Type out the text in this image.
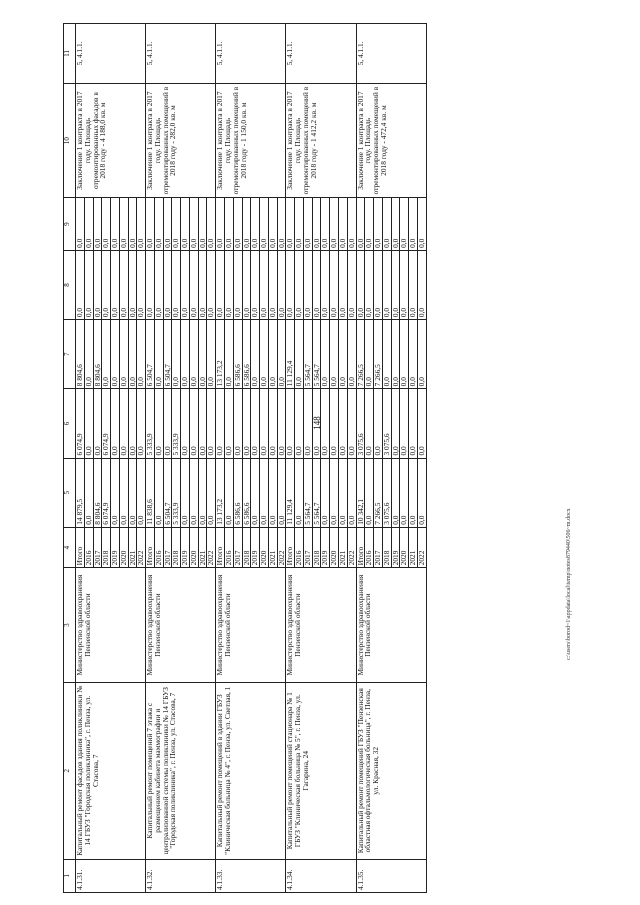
148
1	2	3	4	5	6	7	8	9	10	11
4.1.31.	Капитальный ремонт фасадов здания поликлиники № 14 ГБУЗ "Городская поликлиника", г. Пенза, ул. Стасова, 7	Министерство здравоохранения Пензенской области	Итого	14 879,5	6 074,9	8 804,6	0,0	0,0	Заключение 1 контракта в 2017 году. Площадь отремонтированных фасадов в 2018 году - 4 188,0 кв. м	5, 4.1.1.
			2016	0,0	0,0	0,0	0,0	0,0		
			2017	8 804,6	0,0	8 804,6	0,0	0,0		
			2018	6 074,9	6 074,9	0,0	0,0	0,0		
			2019	0,0	0,0	0,0	0,0	0,0		
			2020	0,0	0,0	0,0	0,0	0,0		
			2021	0,0	0,0	0,0	0,0	0,0		
			2022	0,0	0,0	0,0	0,0	0,0		
4.1.32.	Капитальный ремонт помещений 7 этажа с размещением кабинета маммографии и централизованной системы поликлиники № 14 ГБУЗ "Городская поликлиника", г. Пенза, ул. Стасова, 7	Министерство здравоохранения Пензенской области	Итого	11 838,6	5 333,9	6 504,7	0,0	0,0	Заключение 1 контракта в 2017 году. Площадь отремонтированных помещений в 2018 году - 282,0 кв. м	5, 4.1.1.
			2016	0,0	0,0	0,0	0,0	0,0		
			2017	6 504,7	0,0	6 504,7	0,0	0,0		
			2018	5 333,9	5 333,9	0,0	0,0	0,0		
			2019	0,0	0,0	0,0	0,0	0,0		
			2020	0,0	0,0	0,0	0,0	0,0		
			2021	0,0	0,0	0,0	0,0	0,0		
			2022	0,0	0,0	0,0	0,0	0,0		
4.1.33.	Капитальный ремонт помещений в здании ГБУЗ "Клиническая больница № 4", г. Пенза, ул. Светлая, 1	Министерство здравоохранения Пензенской области	Итого	13 173,2	0,0	13 173,2	0,0	0,0	Заключение 1 контракта в 2017 году. Площадь отремонтированных помещений в 2018 году - 1 150,0 кв. м	5, 4.1.1.
			2016	0,0	0,0	0,0	0,0	0,0		
			2017	6 586,6	0,0	6 586,6	0,0	0,0		
			2018	6 586,6	0,0	6 586,6	0,0	0,0		
			2019	0,0	0,0	0,0	0,0	0,0		
			2020	0,0	0,0	0,0	0,0	0,0		
			2021	0,0	0,0	0,0	0,0	0,0		
			2022	0,0	0,0	0,0	0,0	0,0		
4.1.34.	Капитальный ремонт помещений стационара № 1 ГБУЗ "Клиническая больница № 5", г. Пенза, ул. Гагарина, 24	Министерство здравоохранения Пензенской области	Итого	11 129,4	0,0	11 129,4	0,0	0,0	Заключение 1 контракта в 2017 году. Площадь отремонтированных помещений в 2018 году - 1 412,2 кв. м	5, 4.1.1.
			2016	0,0	0,0	0,0	0,0	0,0		
			2017	5 564,7	0,0	5 564,7	0,0	0,0		
			2018	5 564,7	0,0	5 564,7	0,0	0,0		
			2019	0,0	0,0	0,0	0,0	0,0		
			2020	0,0	0,0	0,0	0,0	0,0		
			2021	0,0	0,0	0,0	0,0	0,0		
			2022	0,0	0,0	0,0	0,0	0,0		
4.1.35.	Капитальный ремонт помещений ГБУЗ "Пензенская областная офтальмологическая больница", г. Пенза, ул. Красная, 32	Министерство здравоохранения Пензенской области	Итого	10 342,1	3 075,6	7 266,5	0,0	0,0	Заключение 1 контракта в 2017 году. Площадь отремонтированных помещений в 2018 году - 472,4 кв. м	5, 4.1.1.
			2016	0,0	0,0	0,0	0,0	0,0		
			2017	7 266,5	0,0	7 266,5	0,0	0,0		
			2018	3 075,6	3 075,6	0,0	0,0	0,0		
			2019	0,0	0,0	0,0	0,0	0,0		
			2020	0,0	0,0	0,0	0,0	0,0		
			2021	0,0	0,0	0,0	0,0	0,0		
			2022	0,0	0,0	0,0	0,0	0,0		
c:\users\borod~1\appdata\local\temp\notes879440\506~m.docx
